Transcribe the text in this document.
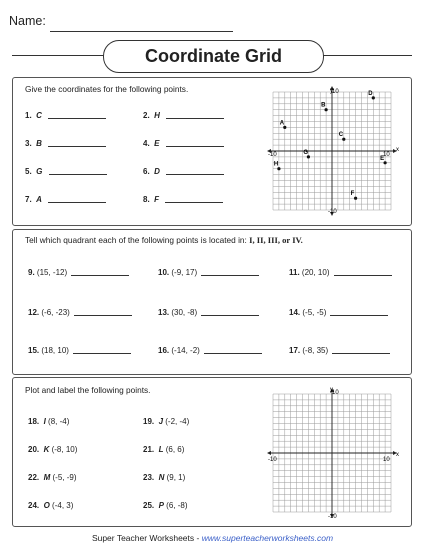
Name:
Coordinate Grid
Give the coordinates for the following points.
1. C	2. H
3. B	4. E
5. G	6. D
7. A	8. F
y 10
-10
-10	10
x
A
B
C
D
E
F
G
H
Tell which quadrant each of the following points is located in: I, II, III, or IV.
9. (15, -12)	10. (-9, 17)	11. (20, 10)
12. (-6, -23)	13. (30, -8)	14. (-5, -5)
15. (18, 10)	16. (-14, -2)	17. (-8, 35)
Plot and label the following points.
18. I (8, -4)	19. J (-2, -4)
20. K (-8, 10)	21. L (6, 6)
22. M (-5, -9)	23. N (9, 1)
24. O (-4, 3)	25. P (6, -8)
y 10
-10
-10	10
x
Super Teacher Worksheets - www.superteacherworksheets.com
